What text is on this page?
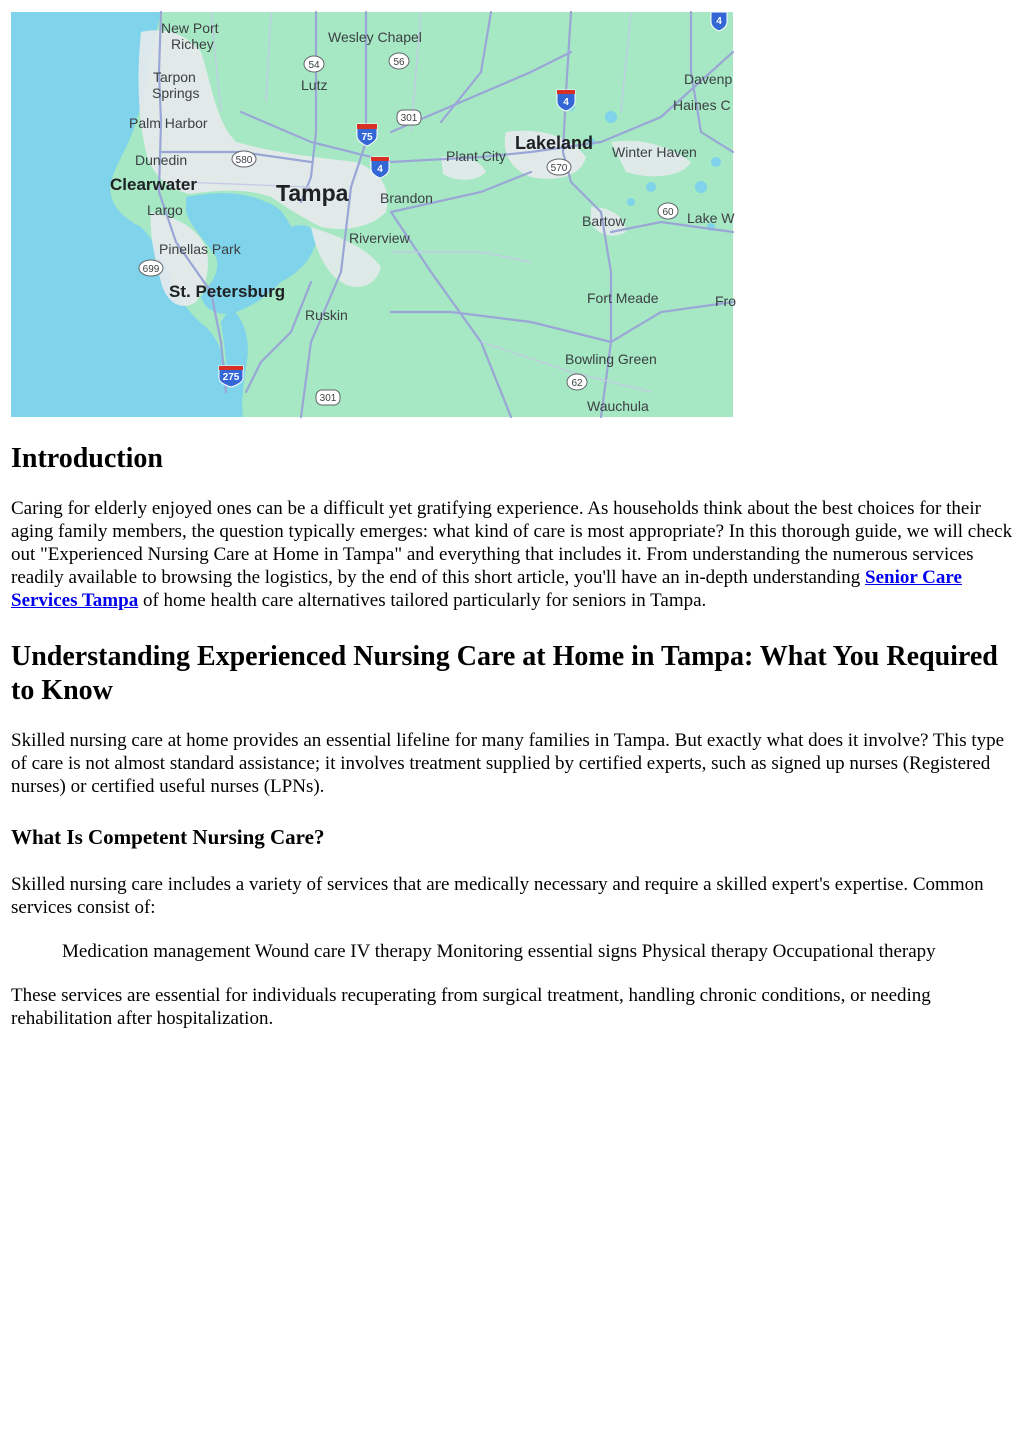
54	56
301
580
570
60
699
301
62
75
4
4
275
4
New Port
Richey	Wesley Chapel
Tarpon
Springs	Lutz
Palm Harbor
Dunedin
Clearwater
Largo
Tampa Brandon
Plant City
Lakeland Winter Haven
Davenp
Haines C
Pinellas Park
Riverview
St. Petersburg
Ruskin
Bartow	Lake W
Fort Meade	Fro
Bowling Green
Wauchula
Introduction

Caring for elderly enjoyed ones can be a difficult yet gratifying experience. As households think about the best choices for their aging family members, the question typically emerges: what kind of care is most appropriate? In this thorough guide, we will check out "Experienced Nursing Care at Home in Tampa" and everything that includes it. From understanding the numerous services readily available to browsing the logistics, by the end of this short article, you'll have an in-depth understanding Senior Care Services Tampa of home health care alternatives tailored particularly for seniors in Tampa.

Understanding Experienced Nursing Care at Home in Tampa: What You Required to Know

Skilled nursing care at home provides an essential lifeline for many families in Tampa. But exactly what does it involve? This type of care is not almost standard assistance; it involves treatment supplied by certified experts, such as signed up nurses (Registered nurses) or certified useful nurses (LPNs).

What Is Competent Nursing Care?

Skilled nursing care includes a variety of services that are medically necessary and require a skilled expert's expertise. Common services consist of:

Medication management Wound care IV therapy Monitoring essential signs Physical therapy Occupational therapy

These services are essential for individuals recuperating from surgical treatment, handling chronic conditions, or needing rehabilitation after hospitalization.
